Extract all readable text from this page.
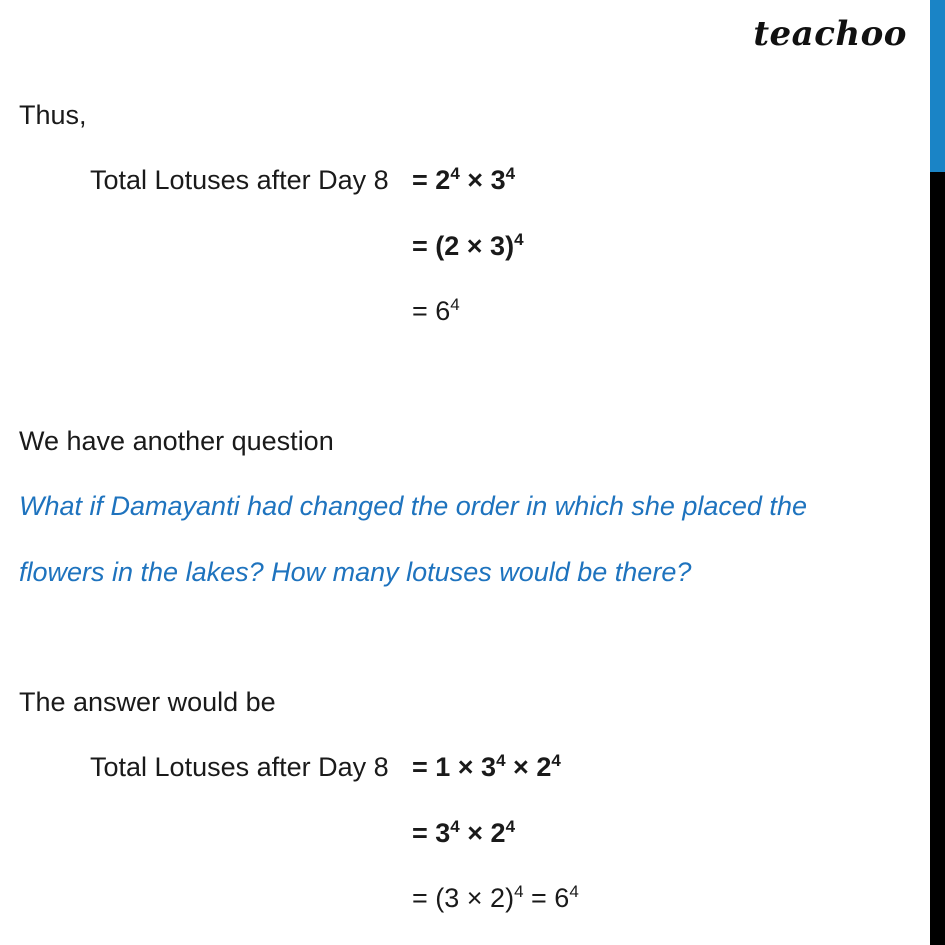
teachoo
Thus,
Total Lotuses after Day $8 = 2^4 \times 3^4$
= $(2 \times 3)^4$
= $6^4$
We have another question
What if Damayanti had changed the order in which she placed the
flowers in the lakes? How many lotuses would be there?
The answer would be
Total Lotuses after Day $8 = 1 \times 3^4 \times 2^4$
= $3^4 \times 2^4$
= $(3 \times 2)^4 = 6^4$
